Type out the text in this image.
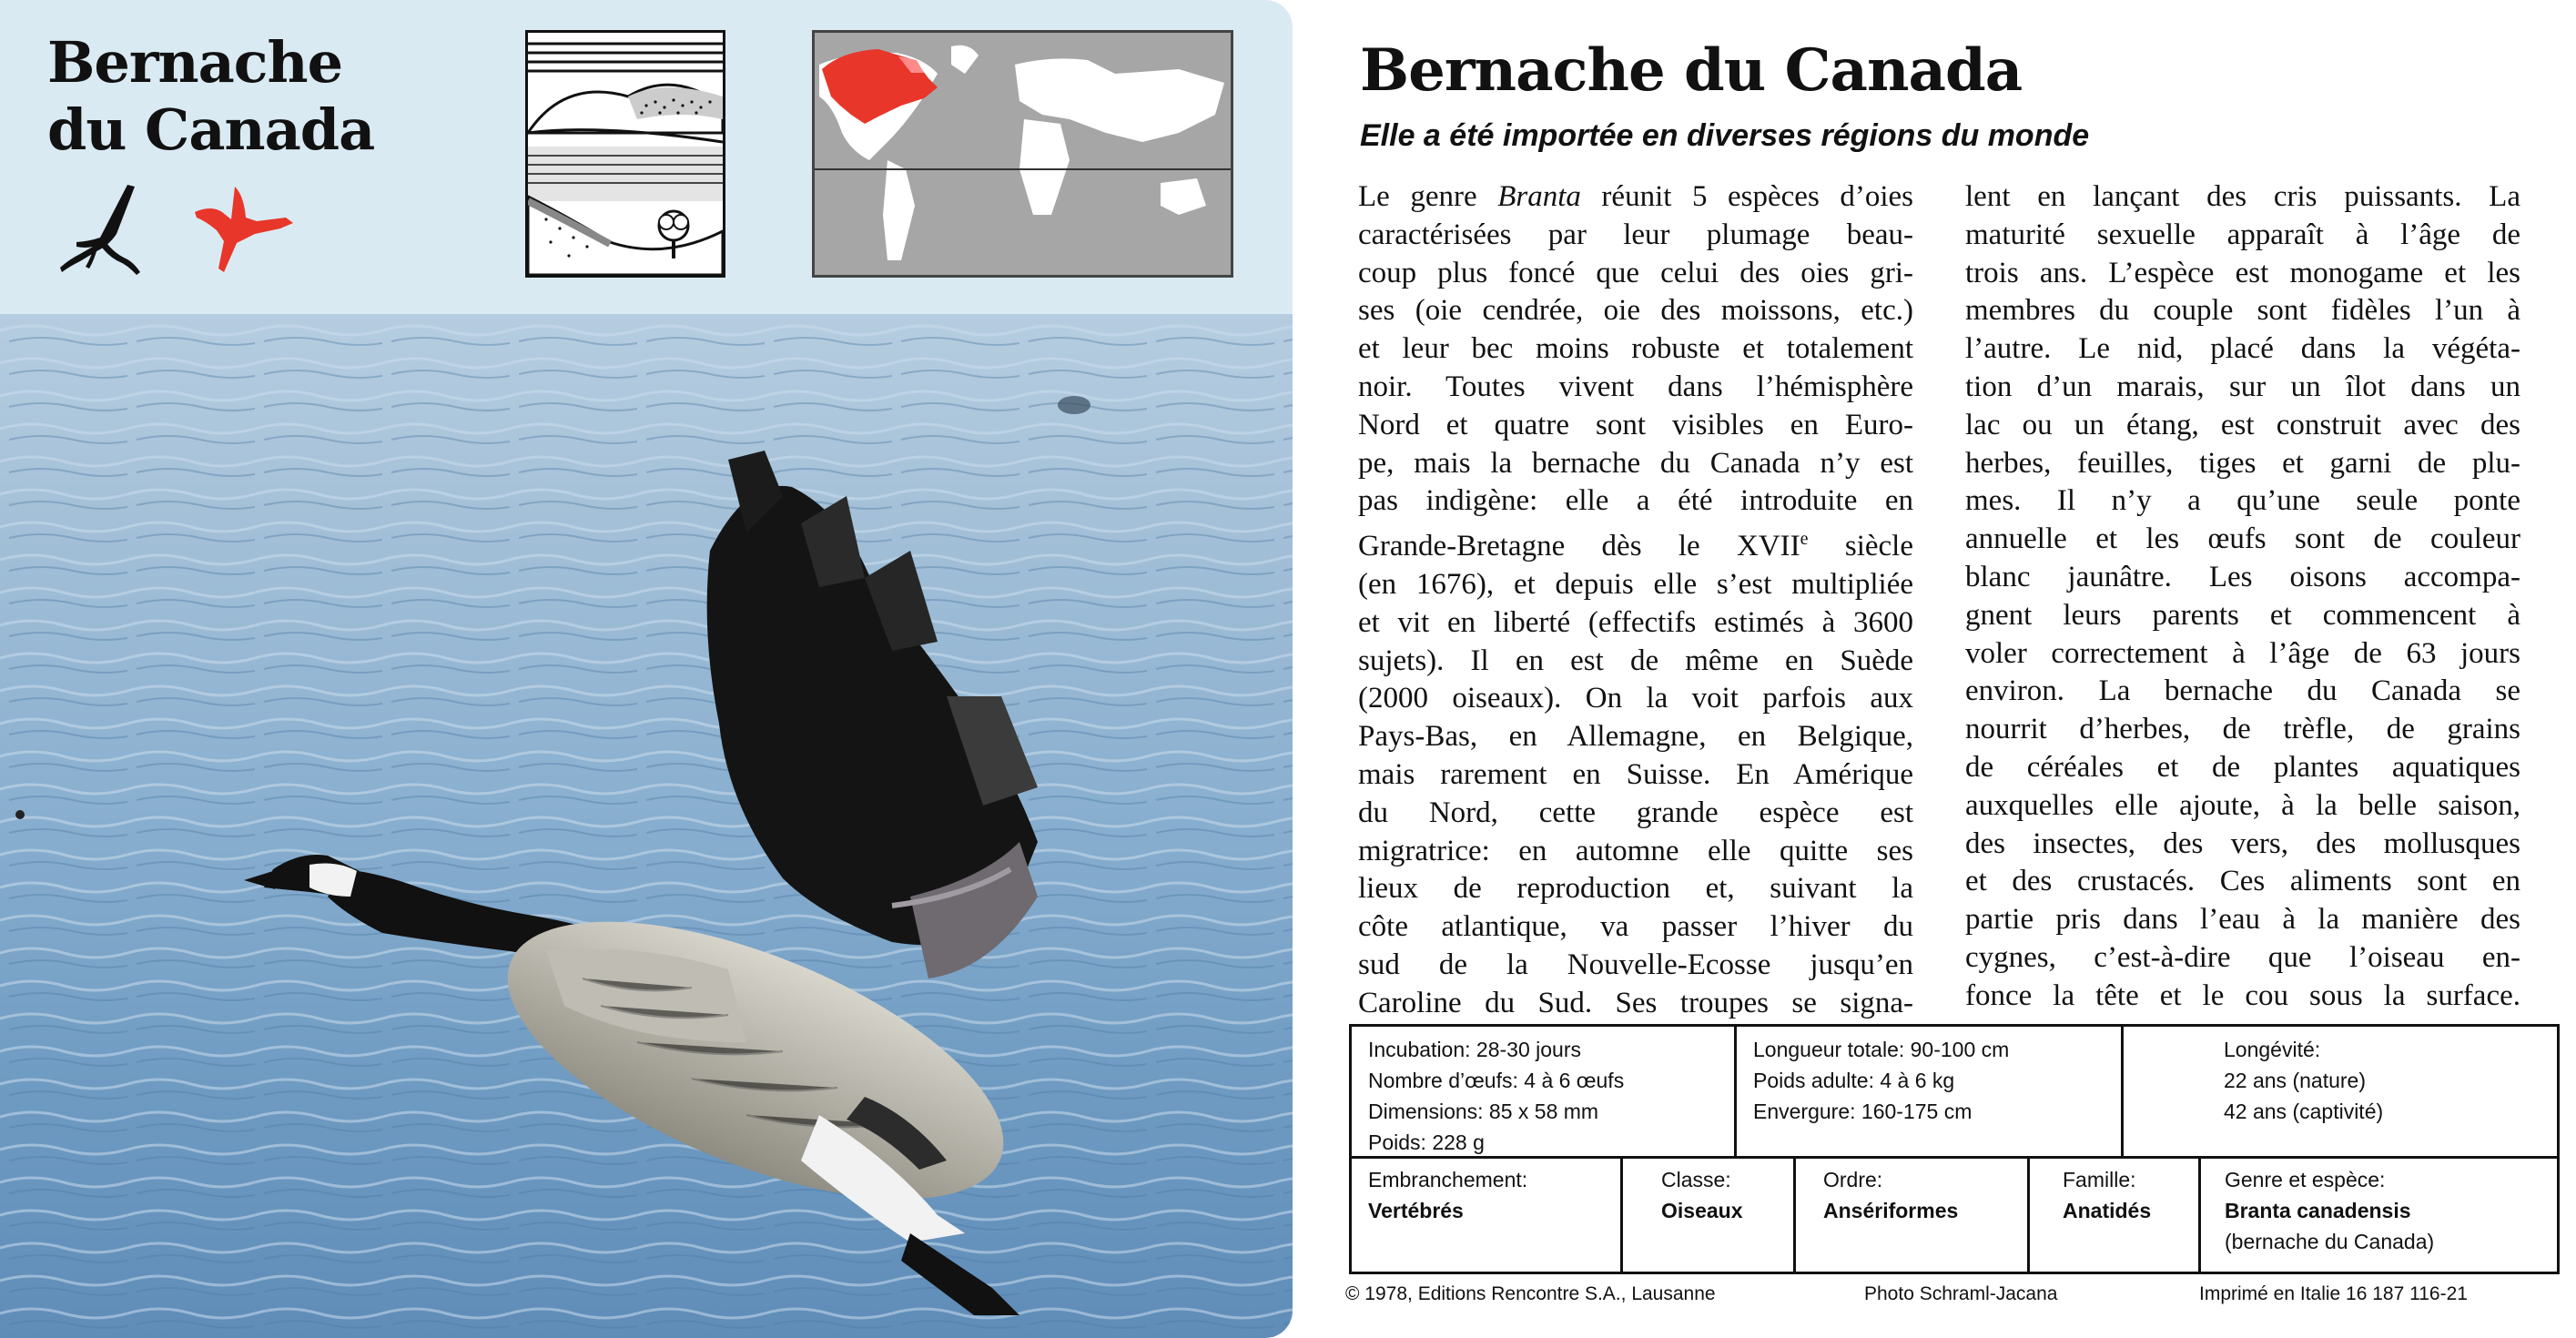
Bernache
du Canada
Bernache du Canada
Elle a été importée en diverses régions du monde

Le genre Branta réunit 5 espèces d’oies
caractérisées par leur plumage beau-
coup plus foncé que celui des oies gri-
ses (oie cendrée, oie des moissons, etc.)
et leur bec moins robuste et totalement
noir. Toutes vivent dans l’hémisphère
Nord et quatre sont visibles en Euro-
pe, mais la bernache du Canada n’y est
pas indigène: elle a été introduite en
Grande-Bretagne dès le XVIIe siècle
(en 1676), et depuis elle s’est multipliée
et vit en liberté (effectifs estimés à 3600
sujets). Il en est de même en Suède
(2000 oiseaux). On la voit parfois aux
Pays-Bas, en Allemagne, en Belgique,
mais rarement en Suisse. En Amérique
du Nord, cette grande espèce est
migratrice: en automne elle quitte ses
lieux de reproduction et, suivant la
côte atlantique, va passer l’hiver du
sud de la Nouvelle-Ecosse jusqu’en
Caroline du Sud. Ses troupes se signa-

lent en lançant des cris puissants. La
maturité sexuelle apparaît à l’âge de
trois ans. L’espèce est monogame et les
membres du couple sont fidèles l’un à
l’autre. Le nid, placé dans la végéta-
tion d’un marais, sur un îlot dans un
lac ou un étang, est construit avec des
herbes, feuilles, tiges et garni de plu-
mes. Il n’y a qu’une seule ponte
annuelle et les œufs sont de couleur
blanc jaunâtre. Les oisons accompa-
gnent leurs parents et commencent à
voler correctement à l’âge de 63 jours
environ. La bernache du Canada se
nourrit d’herbes, de trèfle, de grains
de céréales et de plantes aquatiques
auxquelles elle ajoute, à la belle saison,
des insectes, des vers, des mollusques
et des crustacés. Ces aliments sont en
partie pris dans l’eau à la manière des
cygnes, c’est-à-dire que l’oiseau en-
fonce la tête et le cou sous la surface.

Incubation: 28-30 jours
Nombre d’œufs: 4 à 6 œufs
Dimensions: 85 x 58 mm
Poids: 228 g
Longueur totale: 90-100 cm
Poids adulte: 4 à 6 kg
Envergure: 160-175 cm
Longévité:
22 ans (nature)
42 ans (captivité)
Embranchement:
Vertébrés
Classe:
Oiseaux
Ordre:
Ansériformes
Famille:
Anatidés
Genre et espèce:
Branta canadensis
(bernache du Canada)
© 1978, Editions Rencontre S.A., Lausanne	Photo Schraml-Jacana	Imprimé en Italie 16 187 116-21
